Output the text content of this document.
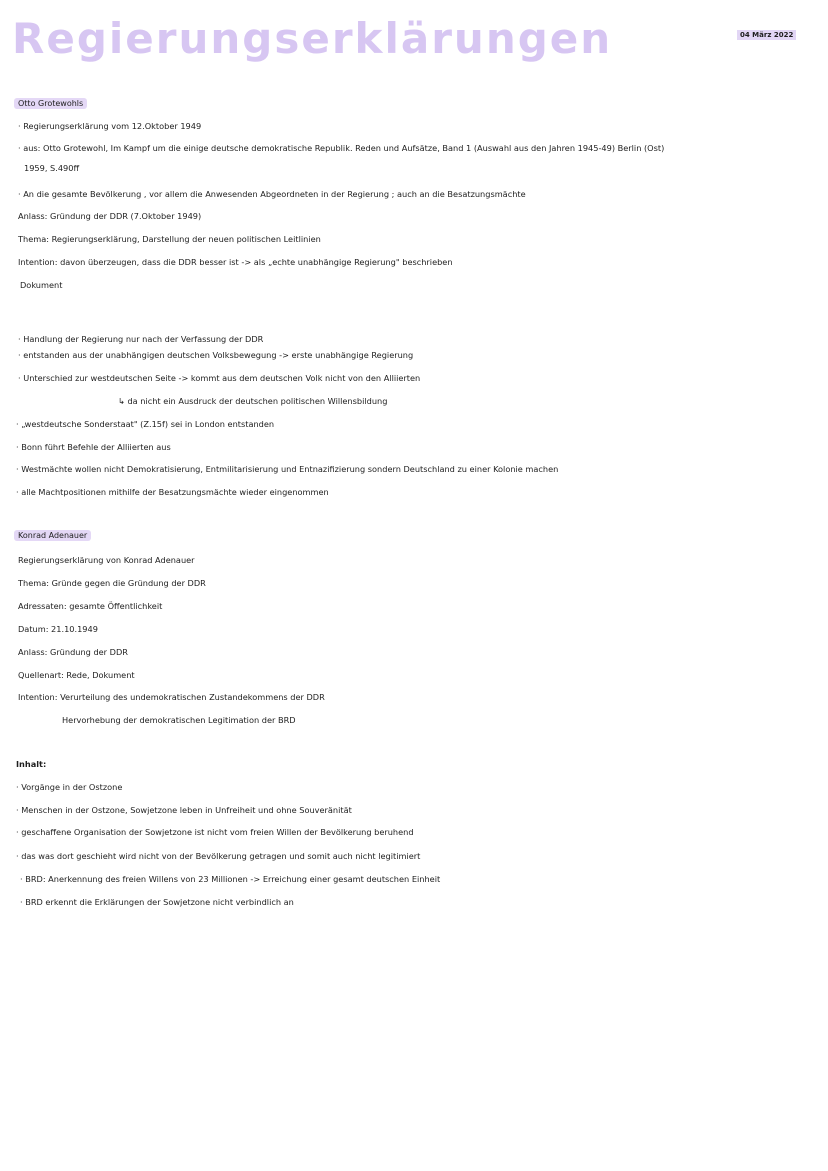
Regierungserklärungen	04 März 2022
Otto Grotewohls
· Regierungserklärung vom 12.Oktober 1949
· aus: Otto Grotewohl, Im Kampf um die einige deutsche demokratische Republik. Reden und Aufsätze, Band 1 (Auswahl aus den Jahren 1945-49) Berlin (Ost)
1959, S.490ff
· An die gesamte Bevölkerung , vor allem die Anwesenden Abgeordneten in der Regierung ; auch an die Besatzungsmächte
Anlass: Gründung der DDR (7.Oktober 1949)
Thema: Regierungserklärung, Darstellung der neuen politischen Leitlinien
Intention: davon überzeugen, dass die DDR besser ist -> als „echte unabhängige Regierung" beschrieben
Dokument
· Handlung der Regierung nur nach der Verfassung der DDR
· entstanden aus der unabhängigen deutschen Volksbewegung -> erste unabhängige Regierung
· Unterschied zur westdeutschen Seite -> kommt aus dem deutschen Volk nicht von den Alliierten
↳ da nicht ein Ausdruck der deutschen politischen Willensbildung
· „westdeutsche Sonderstaat" (Z.15f) sei in London entstanden
· Bonn führt Befehle der Alliierten aus
· Westmächte wollen nicht Demokratisierung, Entmilitarisierung und Entnazifizierung sondern Deutschland zu einer Kolonie machen
· alle Machtpositionen mithilfe der Besatzungsmächte wieder eingenommen
Konrad Adenauer
Regierungserklärung von Konrad Adenauer
Thema: Gründe gegen die Gründung der DDR
Adressaten: gesamte Öffentlichkeit
Datum: 21.10.1949
Anlass: Gründung der DDR
Quellenart: Rede, Dokument
Intention: Verurteilung des undemokratischen Zustandekommens der DDR
Hervorhebung der demokratischen Legitimation der BRD
Inhalt:
· Vorgänge in der Ostzone
· Menschen in der Ostzone, Sowjetzone leben in Unfreiheit und ohne Souveränität
· geschaffene Organisation der Sowjetzone ist nicht vom freien Willen der Bevölkerung beruhend
· das was dort geschieht wird nicht von der Bevölkerung getragen und somit auch nicht legitimiert
· BRD: Anerkennung des freien Willens von 23 Millionen -> Erreichung einer gesamt deutschen Einheit
· BRD erkennt die Erklärungen der Sowjetzone nicht verbindlich an
